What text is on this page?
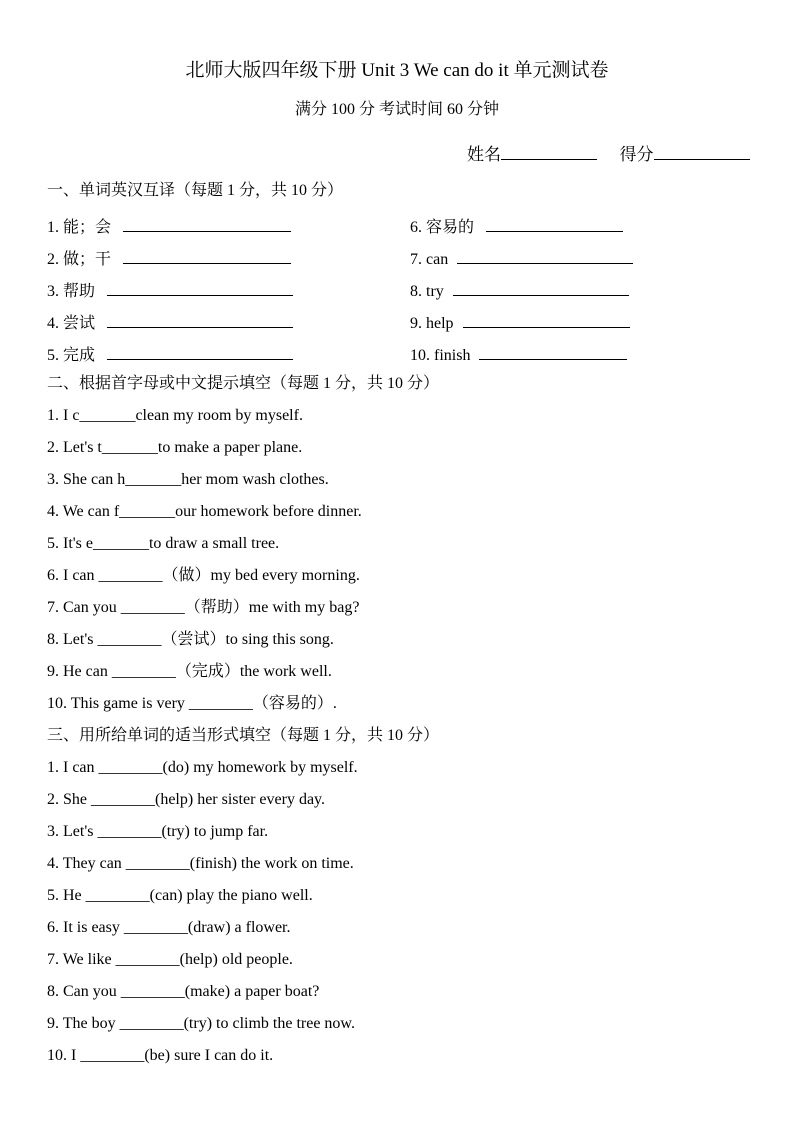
北师大版四年级下册 Unit 3 We can do it 单元测试卷
满分 100 分 考试时间 60 分钟
姓名	得分
一、单词英汉互译（每题 1 分，共 10 分）
1. 能；会
2. 做；干
3. 帮助
4. 尝试
5. 完成
6. 容易的
7. can
8. try
9. help
10. finish
二、根据首字母或中文提示填空（每题 1 分，共 10 分）
1. I c_______clean my room by myself.
2. Let's t_______to make a paper plane.
3. She can h_______her mom wash clothes.
4. We can f_______our homework before dinner.
5. It's e_______to draw a small tree.
6. I can ________（做）my bed every morning.
7. Can you ________（帮助）me with my bag?
8. Let's ________（尝试）to sing this song.
9. He can ________（完成）the work well.
10. This game is very ________（容易的）.
三、用所给单词的适当形式填空（每题 1 分，共 10 分）
1. I can ________(do) my homework by myself.
2. She ________(help) her sister every day.
3. Let's ________(try) to jump far.
4. They can ________(finish) the work on time.
5. He ________(can) play the piano well.
6. It is easy ________(draw) a flower.
7. We like ________(help) old people.
8. Can you ________(make) a paper boat?
9. The boy ________(try) to climb the tree now.
10. I ________(be) sure I can do it.
